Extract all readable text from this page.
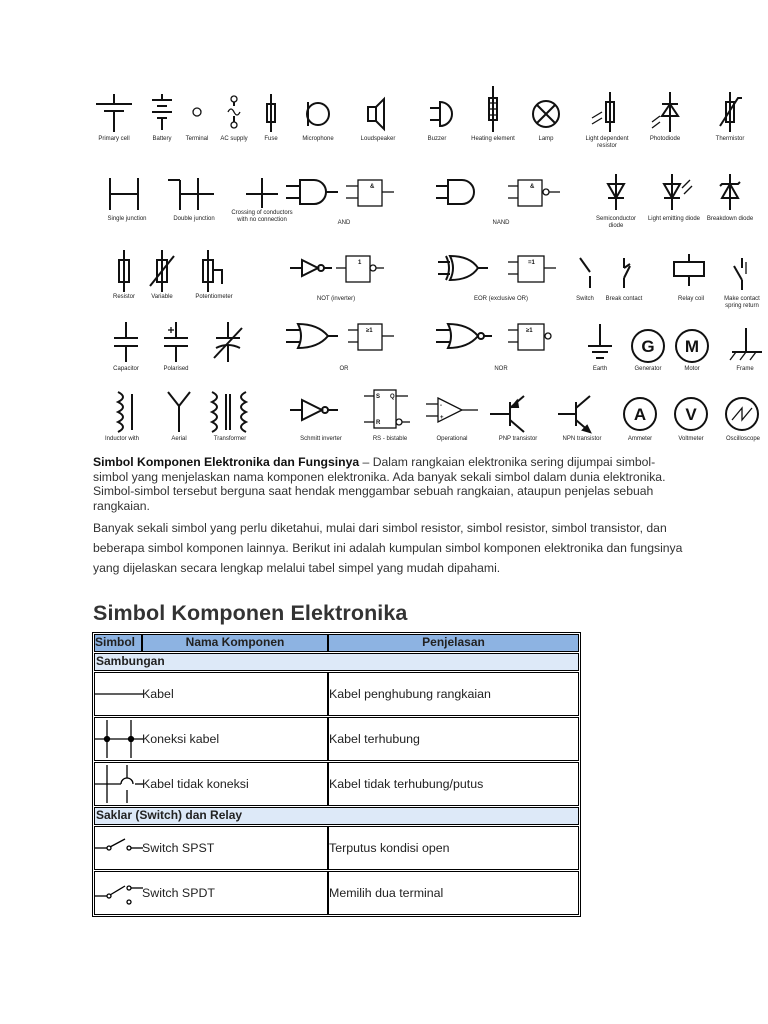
Primary cell	Battery	Terminal	AC supply	Fuse	Microphone	Loudspeaker	Buzzer	Heating element	Lamp	Light dependent resistor
Photodiode	Thermistor
Single junction	Double junction
Crossing of conductors with no connection
&
AND
&
NAND
Semiconductor diode
Light emitting diode	Breakdown diode
Resistor	Variable	Potentiometer
1
NOT (inverter)
=1
EOR (exclusive OR)	Switch	Break contact	Relay coil	Make contact spring return
Capacitor	Polarised
≥1
OR
≥1
NOR	Earth
G
Generator
M
Motor	Frame
Inductor with	Aerial	Transformer	Schmitt inverter
S
R
Q
RS - bistable
-
+
Operational	PNP transistor	NPN transistor
A
Ammeter
V
Voltmeter	Oscilloscope
Simbol Komponen Elektronika dan Fungsinya – Dalam rangkaian elektronika sering dijumpai simbol-simbol yang menjelaskan nama komponen elektronika. Ada banyak sekali simbol dalam dunia elektronika. Simbol-simbol tersebut berguna saat hendak menggambar sebuah rangkaian, ataupun penjelas sebuah rangkaian.
Banyak sekali simbol yang perlu diketahui, mulai dari simbol resistor, simbol resistor, simbol transistor, dan beberapa simbol komponen lainnya. Berikut ini adalah kumpulan simbol komponen elektronika dan fungsinya yang dijelaskan secara lengkap melalui tabel simpel yang mudah dipahami.
Simbol Komponen Elektronika
Simbol	Nama Komponen	Penjelasan
Sambungan
Kabel	Kabel penghubung rangkaian
Koneksi kabel	Kabel terhubung
Kabel tidak koneksi	Kabel tidak terhubung/putus
Saklar (Switch) dan Relay
Switch SPST	Terputus kondisi open
Switch SPDT	Memilih dua terminal
